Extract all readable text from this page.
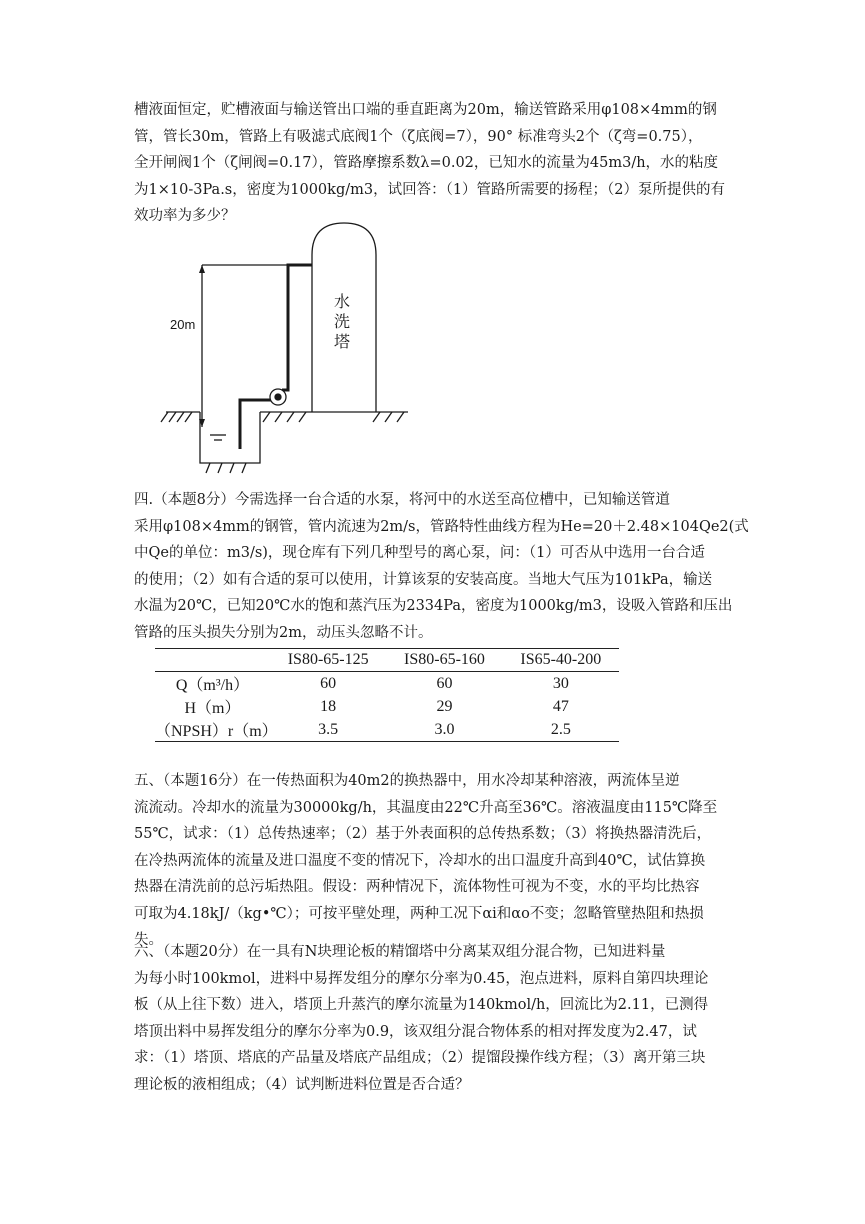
槽液面恒定，贮槽液面与输送管出口端的垂直距离为20m，输送管路采用φ108×4mm的钢
管，管长30m，管路上有吸滤式底阀1个（ζ底阀=7），90° 标准弯头2个（ζ弯=0.75），
全开闸阀1个（ζ闸阀=0.17），管路摩擦系数λ=0.02，已知水的流量为45m3/h，水的粘度
为1×10-3Pa.s，密度为1000kg/m3，试回答：（1）管路所需要的扬程；（2）泵所提供的有
效功率为多少？
20m
水
洗
塔
四.（本题8分）今需选择一台合适的水泵，将河中的水送至高位槽中，已知输送管道
采用φ108×4mm的钢管，管内流速为2m/s，管路特性曲线方程为He=20＋2.48×104Qe2(式
中Qe的单位：m3/s)，现仓库有下列几种型号的离心泵，问：（1）可否从中选用一台合适
的使用；（2）如有合适的泵可以使用，计算该泵的安装高度。当地大气压为101kPa，输送
水温为20℃，已知20℃水的饱和蒸汽压为2334Pa，密度为1000kg/m3，设吸入管路和压出
管路的压头损失分别为2m，动压头忽略不计。
	IS80-65-125	IS80-65-160	IS65-40-200
Q（m³/h）	60	60	30
H（m）	18	29	47
（NPSH）r（m）	3.5	3.0	2.5
五、（本题16分）在一传热面积为40m2的换热器中，用水冷却某种溶液，两流体呈逆
流流动。冷却水的流量为30000kg/h，其温度由22℃升高至36℃。溶液温度由115℃降至
55℃，试求：（1）总传热速率；（2）基于外表面积的总传热系数；（3）将换热器清洗后，
在冷热两流体的流量及进口温度不变的情况下，冷却水的出口温度升高到40℃，试估算换
热器在清洗前的总污垢热阻。假设：两种情况下，流体物性可视为不变，水的平均比热容
可取为4.18kJ/（kg•℃）；可按平壁处理，两种工况下αi和αo不变；忽略管壁热阻和热损
失。
六、（本题20分）在一具有N块理论板的精馏塔中分离某双组分混合物，已知进料量
为每小时100kmol，进料中易挥发组分的摩尔分率为0.45，泡点进料，原料自第四块理论
板（从上往下数）进入，塔顶上升蒸汽的摩尔流量为140kmol/h，回流比为2.11，已测得
塔顶出料中易挥发组分的摩尔分率为0.9，该双组分混合物体系的相对挥发度为2.47，试
求：（1）塔顶、塔底的产品量及塔底产品组成；（2）提馏段操作线方程；（3）离开第三块
理论板的液相组成；（4）试判断进料位置是否合适？
